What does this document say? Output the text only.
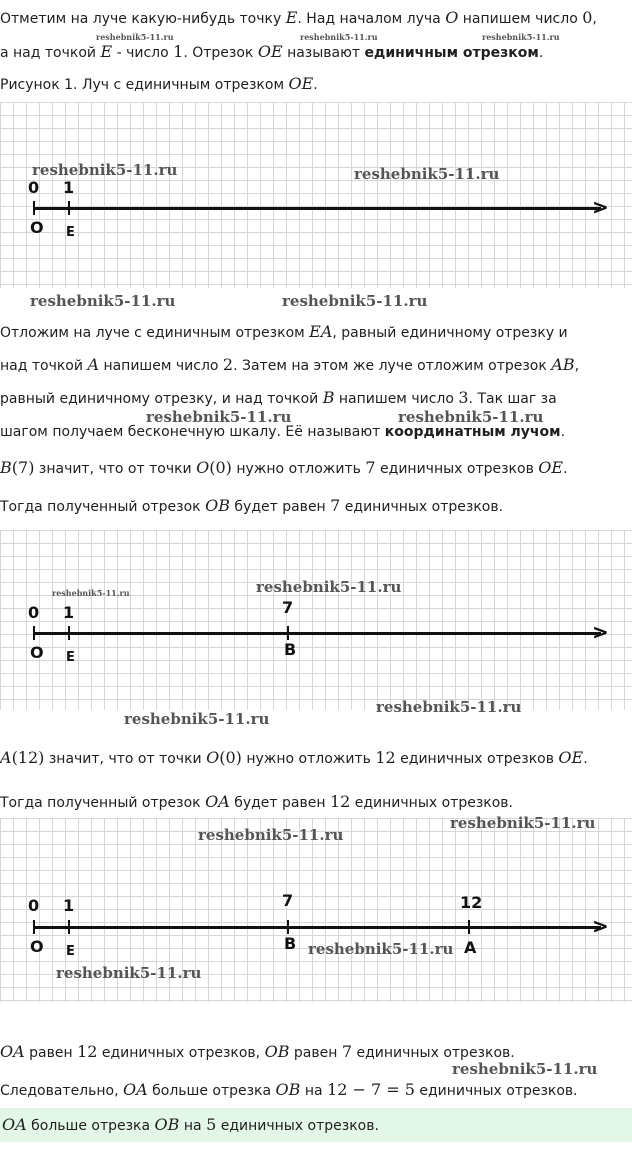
Отметим на луче какую-нибудь точку E. Над началом луча O напишем число 0,
а над точкой E - число 1. Отрезок OE называют единичным отрезком.
reshebnik5-11.ru	reshebnik5-11.ru	reshebnik5-11.ru
Рисунок 1. Луч с единичным отрезком OE.
>
0 1
O E
reshebnik5-11.ru	reshebnik5-11.ru
reshebnik5-11.ru	reshebnik5-11.ru
Отложим на луче с единичным отрезком EA, равный единичному отрезку и
над точкой A напишем число 2. Затем на этом же луче отложим отрезок AB,
равный единичному отрезку, и над точкой B напишем число 3. Так шаг за
reshebnik5-11.ru	reshebnik5-11.ru
шагом получаем бесконечную шкалу. Её называют координатным лучом.
B(7) значит, что от точки O(0) нужно отложить 7 единичных отрезков OE.
Тогда полученный отрезок OB будет равен 7 единичных отрезков.
>
0 1	7
O E	B
reshebnik5-11.ru	reshebnik5-11.ru
reshebnik5-11.ru
reshebnik5-11.ru
A(12) значит, что от точки O(0) нужно отложить 12 единичных отрезков OE.
Тогда полученный отрезок OA будет равен 12 единичных отрезков.
>
0 1	7	12
O E	B	A
reshebnik5-11.ru
reshebnik5-11.ru
reshebnik5-11.ru
reshebnik5-11.ru
OA равен 12 единичных отрезков, OB равен 7 единичных отрезков.
reshebnik5-11.ru
Следовательно, OA больше отрезка OB на 12 − 7 = 5 единичных отрезков.
OA больше отрезка OB на 5 единичных отрезков.
